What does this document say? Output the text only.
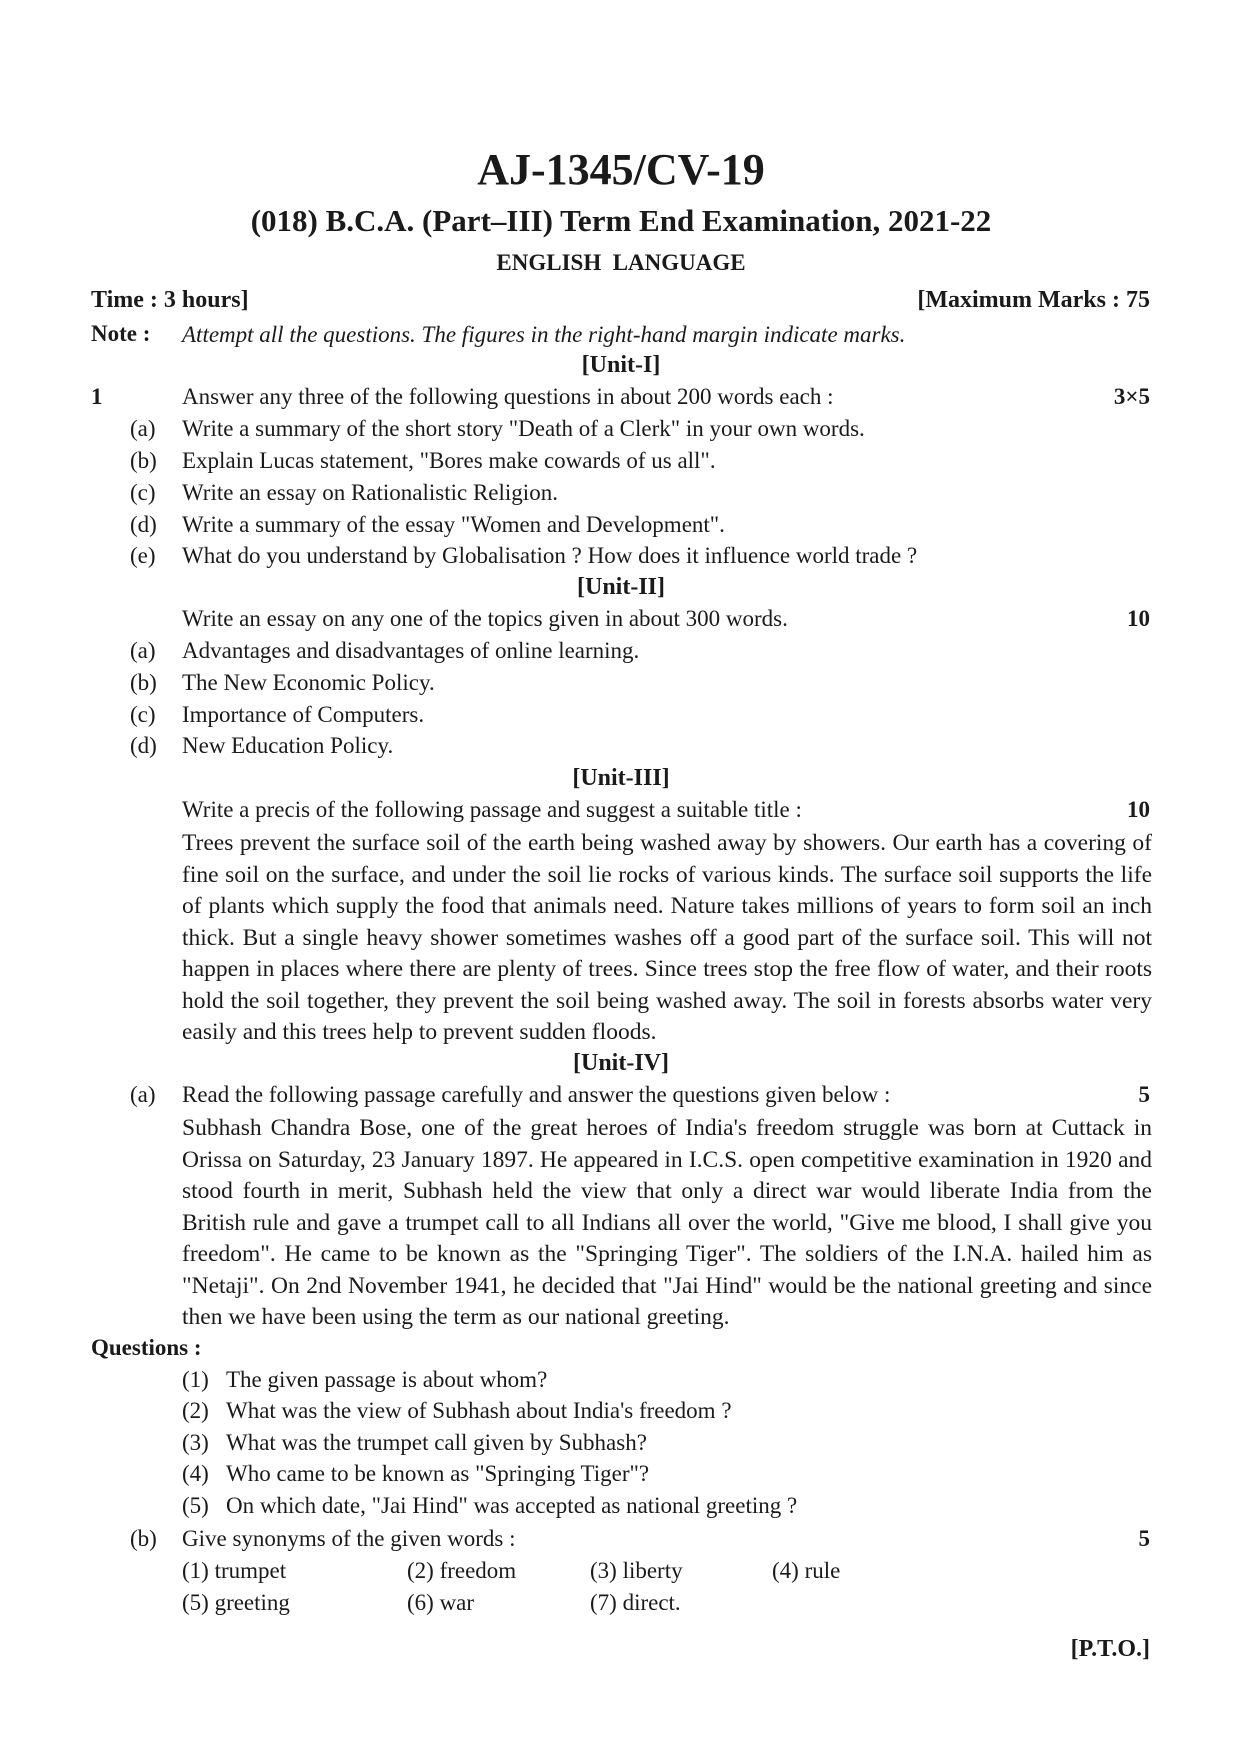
AJ-1345/CV-19
(018) B.C.A. (Part–III) Term End Examination, 2021-22
ENGLISH  LANGUAGE
Time : 3 hours]	[Maximum Marks : 75
Note : Attempt all the questions. The figures in the right-hand margin indicate marks.
[Unit-I]
1	Answer any three of the following questions in about 200 words each :	3×5
(a) Write a summary of the short story "Death of a Clerk" in your own words.
(b) Explain Lucas statement, "Bores make cowards of us all".
(c) Write an essay on Rationalistic Religion.
(d) Write a summary of the essay "Women and Development".
(e) What do you understand by Globalisation ? How does it influence world trade ?
[Unit-II]
Write an essay on any one of the topics given in about 300 words.	10
(a) Advantages and disadvantages of online learning.
(b) The New Economic Policy.
(c) Importance of Computers.
(d) New Education Policy.
[Unit-III]
Write a precis of the following passage and suggest a suitable title :	10
Trees prevent the surface soil of the earth being washed away by showers. Our earth has a covering of fine soil on the surface, and under the soil lie rocks of various kinds. The surface soil supports the life of plants which supply the food that animals need. Nature takes millions of years to form soil an inch thick. But a single heavy shower sometimes washes off a good part of the surface soil. This will not happen in places where there are plenty of trees. Since trees stop the free flow of water, and their roots hold the soil together, they prevent the soil being washed away. The soil in forests absorbs water very easily and this trees help to prevent sudden floods.
[Unit-IV]
(a) Read the following passage carefully and answer the questions given below :	5
Subhash Chandra Bose, one of the great heroes of India's freedom struggle was born at Cuttack in Orissa on Saturday, 23 January 1897. He appeared in I.C.S. open competitive examination in 1920 and stood fourth in merit, Subhash held the view that only a direct war would liberate India from the British rule and gave a trumpet call to all Indians all over the world, "Give me blood, I shall give you freedom". He came to be known as the "Springing Tiger". The soldiers of the I.N.A. hailed him as "Netaji". On 2nd November 1941, he decided that "Jai Hind" would be the national greeting and since then we have been using the term as our national greeting.
Questions :
(1) The given passage is about whom?
(2) What was the view of Subhash about India's freedom ?
(3) What was the trumpet call given by Subhash?
(4) Who came to be known as "Springing Tiger"?
(5) On which date, "Jai Hind" was accepted as national greeting ?
(b) Give synonyms of the given words :	5
(1) trumpet	(2) freedom	(3) liberty	(4) rule
(5) greeting	(6) war	(7) direct.
[P.T.O.]
